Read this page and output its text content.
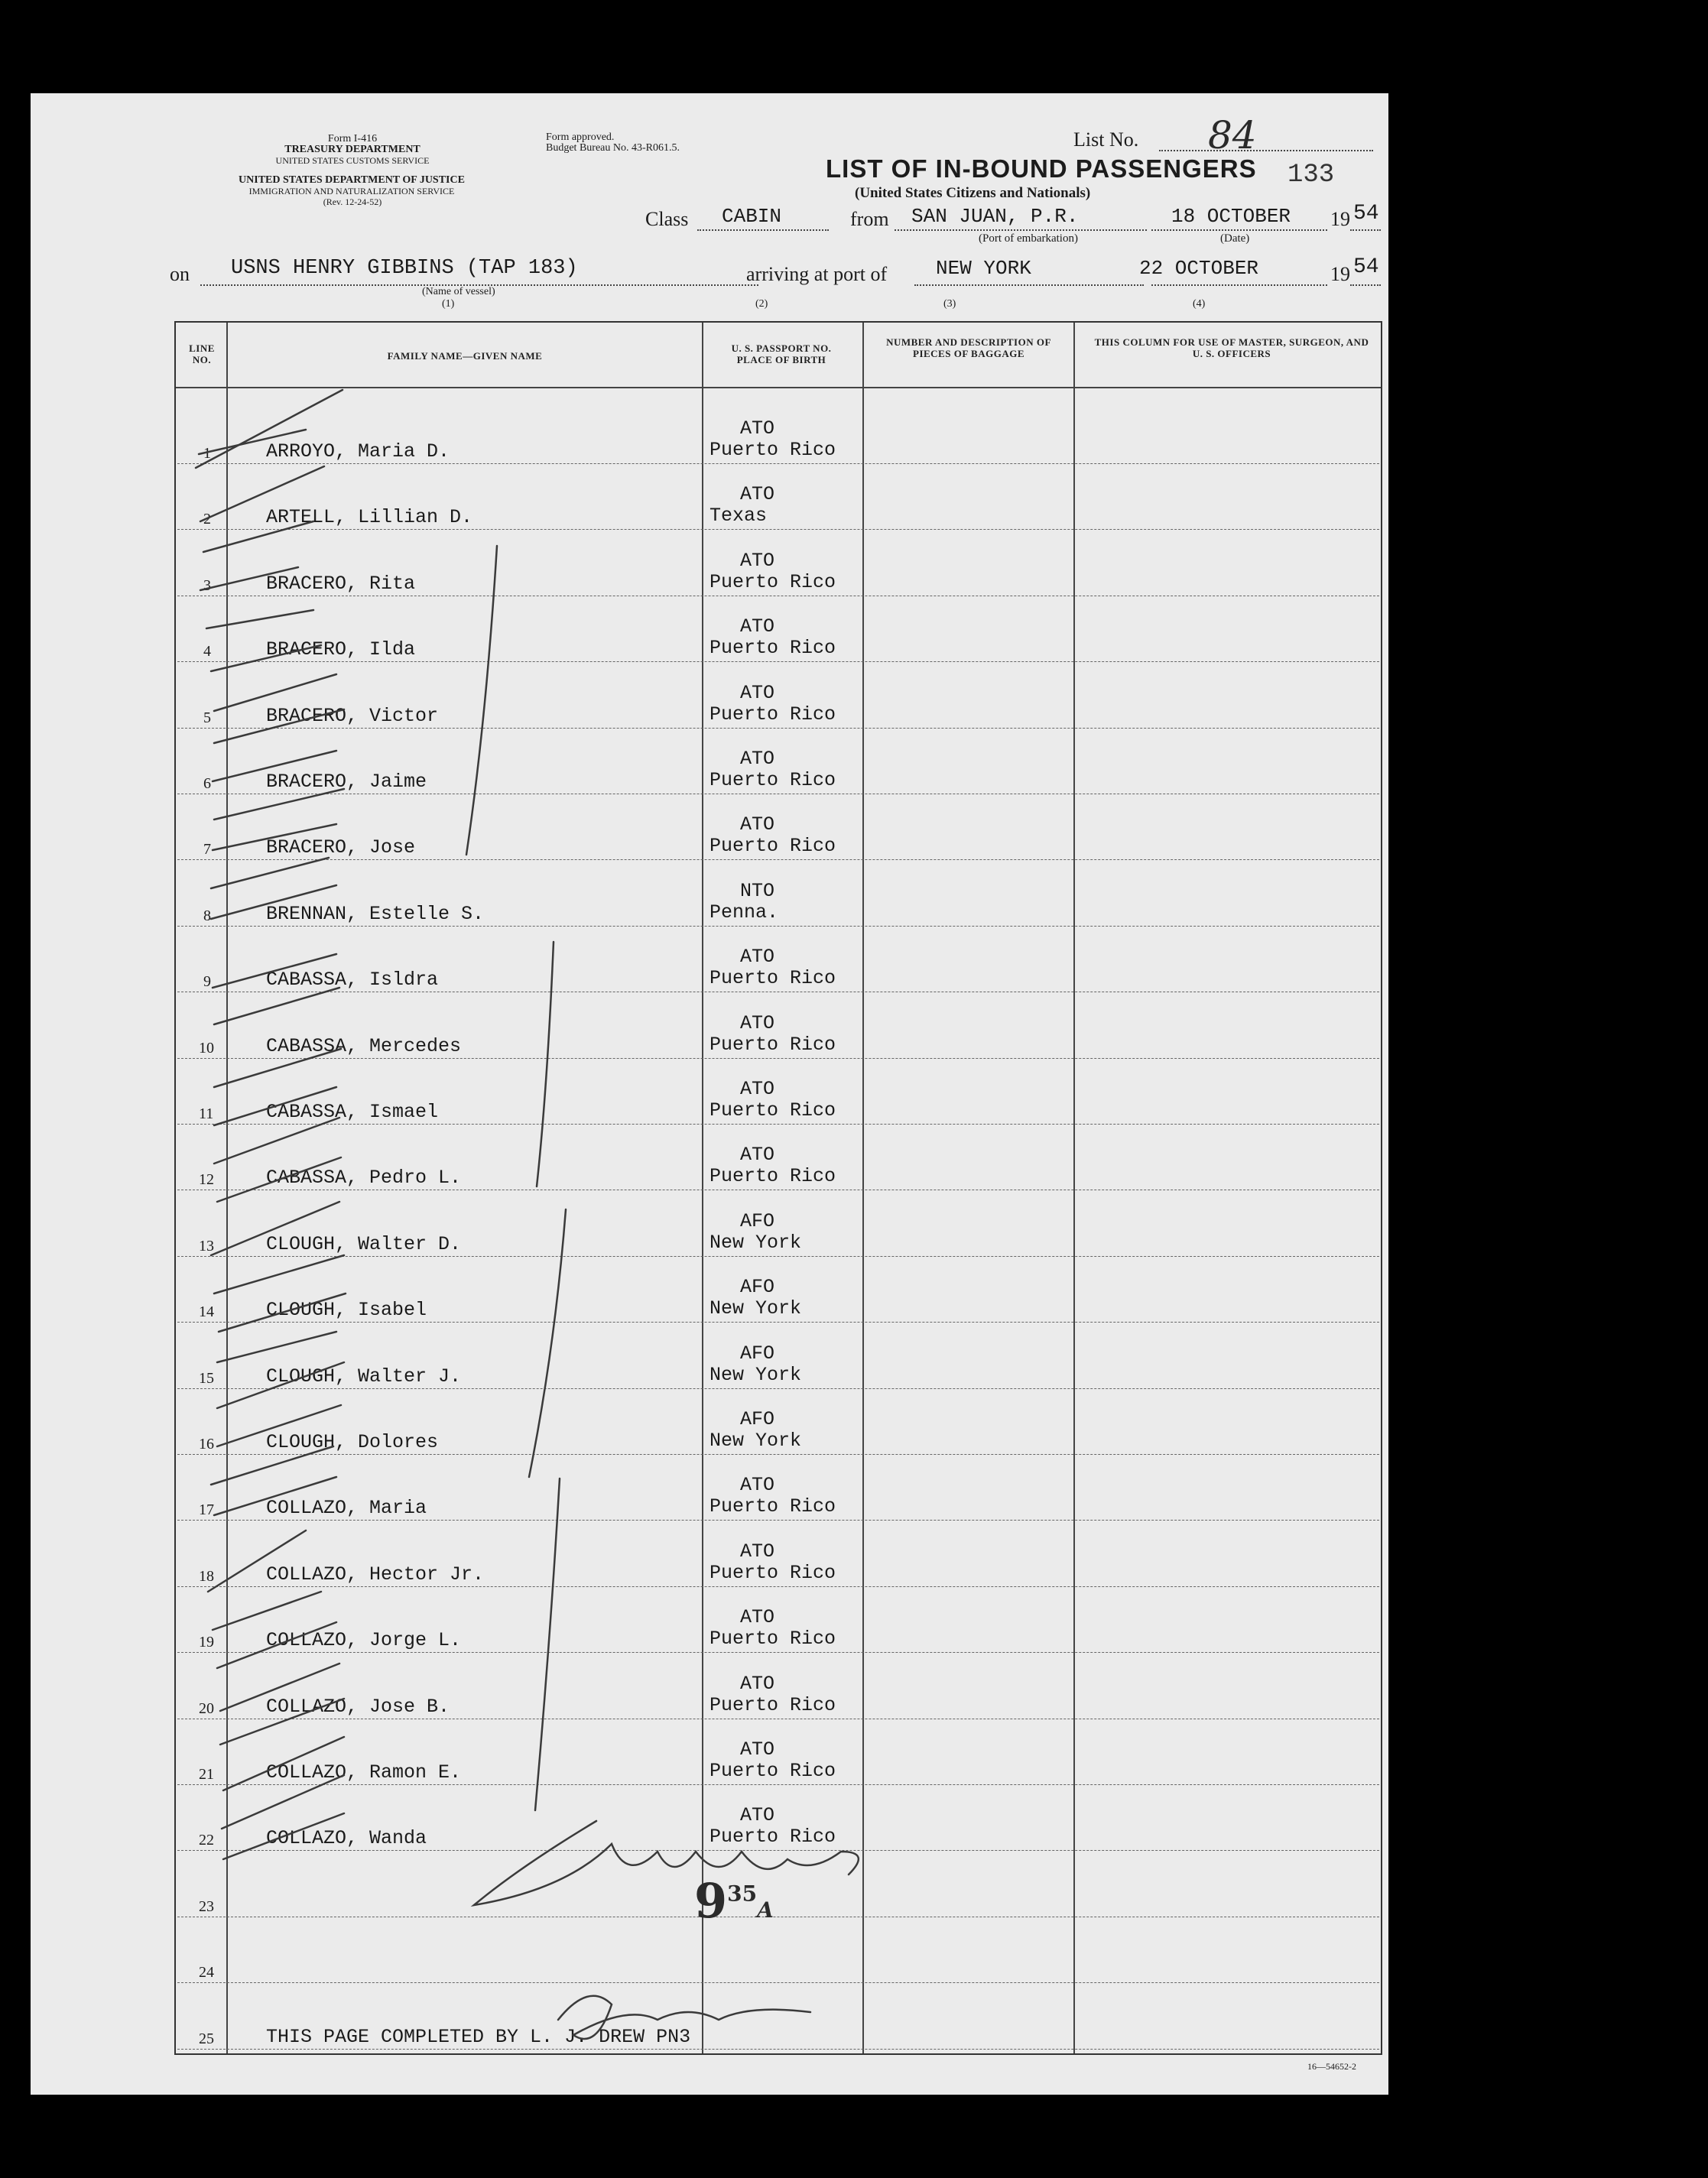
Form I-416
TREASURY DEPARTMENT
UNITED STATES CUSTOMS SERVICE
UNITED STATES DEPARTMENT OF JUSTICE
IMMIGRATION AND NATURALIZATION SERVICE
(Rev. 12-24-52)
Form approved.
Budget Bureau No. 43-R061.5.	List No. 84
133
LIST OF IN-BOUND PASSENGERS
(United States Citizens and Nationals)
Class CABIN	from SAN JUAN, P.R.
(Port of embarkation)
18 OCTOBER 19 54
(Date)
on USNS HENRY GIBBINS (TAP 183)
(Name of vessel)
(1)
arriving at port of
(2)
NEW YORK
(3)
22 OCTOBER	19 54
(4)
LINE NO.	FAMILY NAME—GIVEN NAME
U. S. PASSPORT NO. PLACE OF BIRTH
NUMBER AND DESCRIPTION OF PIECES OF BAGGAGE
THIS COLUMN FOR USE OF MASTER, SURGEON, AND U. S. OFFICERS
1	ARROYO, Maria D.
ATO
Puerto Rico
2	ARTELL, Lillian D.
ATO
Texas
3	BRACERO, Rita
ATO
Puerto Rico
4	BRACERO, Ilda
ATO
Puerto Rico
5	BRACERO, Victor
ATO
Puerto Rico
6	BRACERO, Jaime
ATO
Puerto Rico
7	BRACERO, Jose
ATO
Puerto Rico
8	BRENNAN, Estelle S.
NTO
Penna.
9	CABASSA, Isldra
ATO
Puerto Rico
10	CABASSA, Mercedes
ATO
Puerto Rico
11	CABASSA, Ismael
ATO
Puerto Rico
12	CABASSA, Pedro L.
ATO
Puerto Rico
13	CLOUGH, Walter D.
AFO
New York
14	CLOUGH, Isabel
AFO
New York
15	CLOUGH, Walter J.
AFO
New York
16	CLOUGH, Dolores
AFO
New York
17	COLLAZO, Maria
ATO
Puerto Rico
18	COLLAZO, Hector Jr.
ATO
Puerto Rico
19	COLLAZO, Jorge L.
ATO
Puerto Rico
20	COLLAZO, Jose B.
ATO
Puerto Rico
21	COLLAZO, Ramon E.
ATO
Puerto Rico
22	COLLAZO, Wanda
ATO
Puerto Rico
23
24
25	THIS PAGE COMPLETED BY L. J. DREW PN3
$9^{35}A$
16—54652-2
